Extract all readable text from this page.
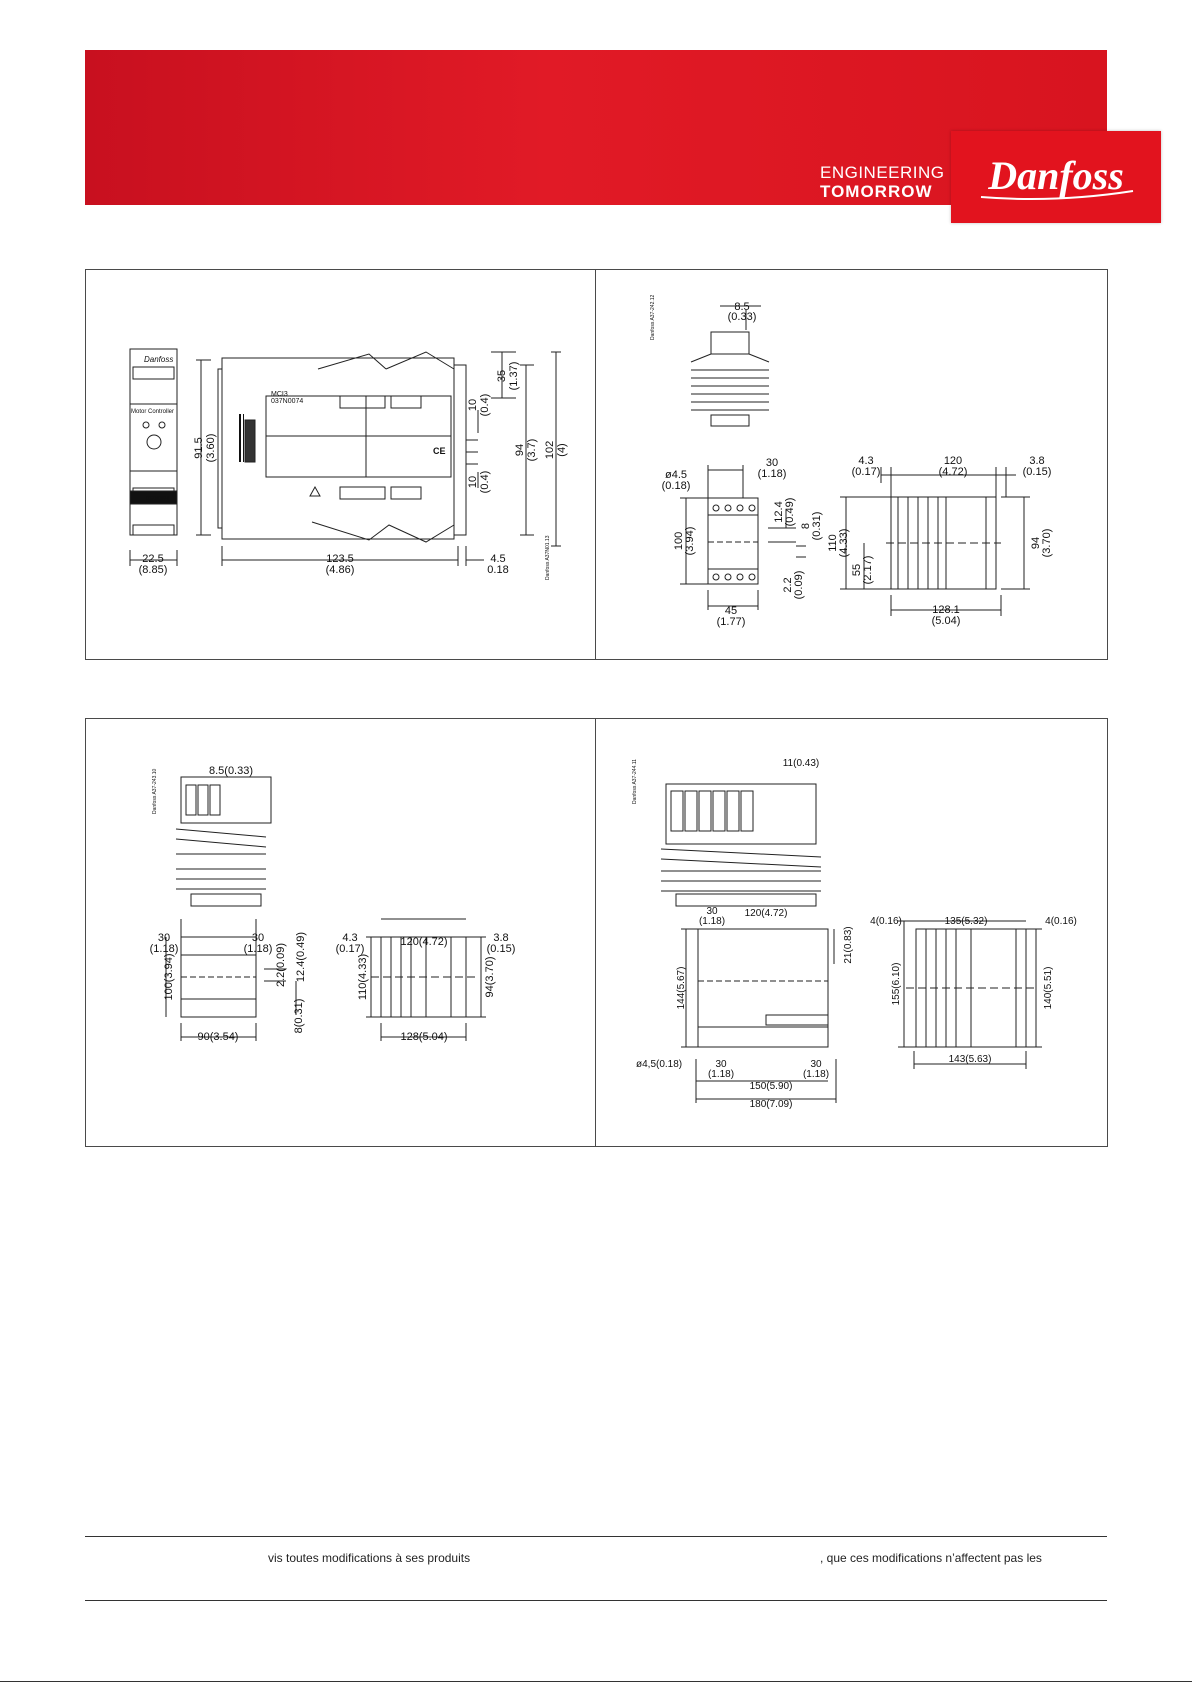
ENGINEERING
TOMORROW	Danfoss
MCI3
037N0074
Danfoss
Motor Controller
037N0074
CE
22.5
(8.85)
123.5
(4.86)
4.5
0.18
91.5 (3.60)
35 (1.37)
10 (0.4)
10 (0.4)
94 (3.7) 102 (4)
Danfoss A37N01.13
Danfoss A37-242.12	8.5
(0.33)
ø4.5
(0.18)
30
(1.18)
45
(1.77)
100 (3.94)
12.4 (0.49) 8 (0.31)
2.2 (0.09)
4.3
(0.17)
120
(4.72)
3.8
(0.15)
110 (4.33)
55 (2.17)
94 (3.70)
128.1
(5.04)
Danfoss A37-243.10	8.5(0.33)
30
(1.18)
30
(1.18) 2.2(0.09) 12.4(0.49)
100(3.94)
8(0.31)
90(3.54)
4.3
(0.17)
120(4.72)	3.8
(0.15)
110(4.33)	94(3.70)
128(5.04)
Danfoss A37-244.11	11(0.43)
30
(1.18)
120(4.72)
21(0.83)
144(5.67)
ø4,5(0.18)	30
(1.18)
30
(1.18)
150(5.90)
180(7.09)
4(0.16)	135(5.32)	4(0.16)
155(6.10)	140(5.51)
143(5.63)
vis toutes modifications à ses produits	, que ces modifications n’affectent pas les
